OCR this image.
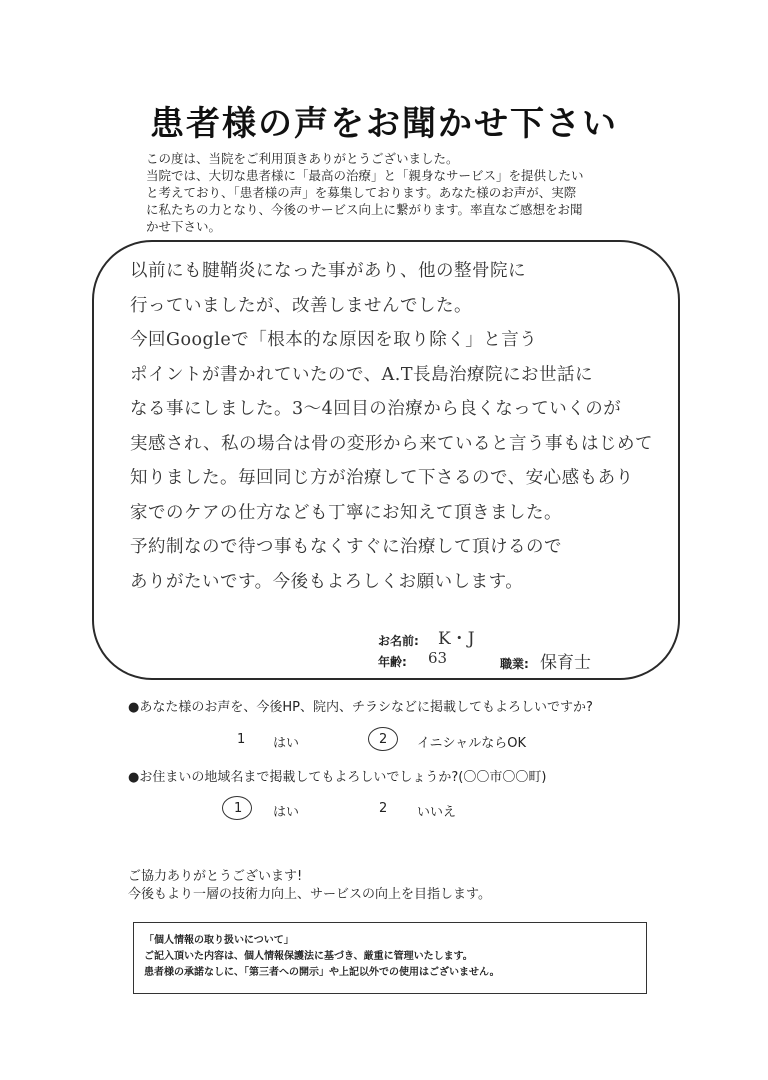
患者様の声をお聞かせ下さい
この度は、当院をご利用頂きありがとうございました。
当院では、大切な患者様に「最高の治療」と「親身なサービス」を提供したい
と考えており、「患者様の声」を募集しております。あなた様のお声が、実際
に私たちの力となり、今後のサービス向上に繋がります。率直なご感想をお聞
かせ下さい。
以前にも腱鞘炎になった事があり、他の整骨院に
行っていましたが、改善しませんでした。
今回Googleで「根本的な原因を取り除く」と言う
ポイントが書かれていたので、A.T長島治療院にお世話に
なる事にしました。3〜4回目の治療から良くなっていくのが
実感され、私の場合は骨の変形から来ていると言う事もはじめて
知りました。毎回同じ方が治療して下さるので、安心感もあり
家でのケアの仕方なども丁寧にお知えて頂きました。
予約制なので待つ事もなくすぐに治療して頂けるので
ありがたいです。今後もよろしくお願いします。
お名前: K・J
年齢: 63	職業: 保育士
●あなた様のお声を、今後HP、院内、チラシなどに掲載してもよろしいですか?
1 はい	2 イニシャルならOK
●お住まいの地域名まで掲載してもよろしいでしょうか?(〇〇市〇〇町)
1 はい	2 いいえ
ご協力ありがとうございます!
今後もより一層の技術力向上、サービスの向上を目指します。
「個人情報の取り扱いについて」
ご記入頂いた内容は、個人情報保護法に基づき、厳重に管理いたします。
患者様の承諾なしに、「第三者への開示」や上記以外での使用はございません。
